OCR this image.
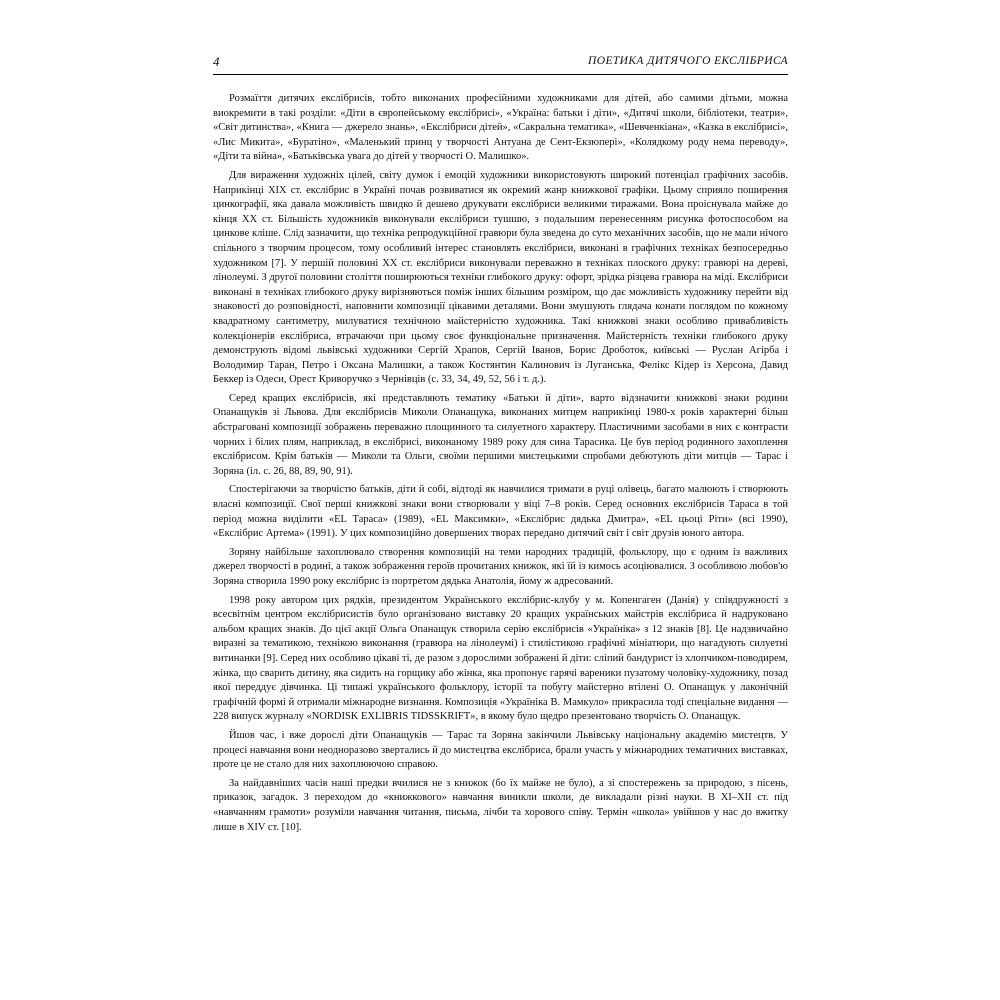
4	ПОЕТИКА ДИТЯЧОГО ЕКСЛІБРИСА

Розмаїття дитячих екслібрисів, тобто виконаних професійними художниками для дітей, або самими дітьми, можна виокремити в такі розділи: «Діти в європейському екслібрисі», «Україна: батьки і діти», «Дитячі школи, бібліотеки, театри», «Світ дитинства», «Книга — джерело знань», «Екслібриси дітей», «Сакральна тематика», «Шевченкіана», «Казка в екслібрисі», «Лис Микита», «Буратіно», «Маленький принц у творчості Антуана де Сент-Екзюпері», «Колядкому роду нема переводу», «Діти та війна», «Батьківська увага до дітей у творчості О. Малишко».

Для вираження художніх цілей, світу думок і емоцій художники використовують широкий потенціал графічних засобів. Наприкінці XIX ст. екслібрис в Україні почав розвиватися як окремий жанр книжкової графіки. Цьому сприяло поширення цинкографії, яка давала можливість швидко й дешево друкувати екслібриси великими тиражами. Вона проіснувала майже до кінця XX ст. Більшість художників виконували екслібриси тушшю, з подальшим перенесенням рисунка фотоспособом на цинкове кліше. Слід зазначити, що техніка репродукційної гравюри була зведена до суто механічних засобів, що не мали нічого спільного з творчим процесом, тому особливий інтерес становлять екслібриси, виконані в графічних техніках безпосередньо художником [7]. У першій половині XX ст. екслібриси виконували переважно в техніках плоского друку: гравюрі на дереві, лінолеумі. З другої половини століття поширюються техніки глибокого друку: офорт, зрідка різцева гравюра на міді. Екслібриси виконані в техніках глибокого друку вирізняються поміж інших більшим розміром, що дає можливість художнику перейти від знаковості до розповідності, наповнити композиції цікавими деталями. Вони змушують глядача конати поглядом по кожному квадратному сантиметру, милуватися технічною майстерністю художника. Такі книжкові знаки особливо привабливість колекціонерів екслібриса, втрачаючи при цьому своє функціональне призначення. Майстерність техніки глибокого друку демонструють відомі львівські художники Сергій Храпов, Сергій Іванов, Борис Дроботок, київські — Руслан Агірба і Володимир Таран, Петро і Оксана Малишки, а також Костянтин Калинович із Луганська, Фелікс Кідер із Херсона, Давид Беккер із Одеси, Орест Криворучко з Чернівців (с. 33, 34, 49, 52, 56 і т. д.).

Серед кращих екслібрисів, які представляють тематику «Батьки й діти», варто відзначити книжкові знаки родини Опанащуків зі Львова. Для екслібрисів Миколи Опанащука, виконаних митцем наприкінці 1980-х років характерні більш абстраговані композиції зображень переважно площинного та силуетного характеру. Пластичними засобами в них є контрасти чорних і білих плям, наприклад, в екслібрисі, виконаному 1989 року для сина Тарасика. Це був період родинного захоплення екслібрисом. Крім батьків — Миколи та Ольги, своїми першими мистецькими спробами дебютують діти митців — Тарас і Зоряна (іл. с. 26, 88, 89, 90, 91).

Спостерігаючи за творчістю батьків, діти й собі, відтоді як навчилися тримати в руці олівець, багато малюють і створюють власні композиції. Свої перші книжкові знаки вони створювали у віці 7–8 років. Серед основних екслібрисів Тараса в той період можна виділити «EL Тараса» (1989), «EL Максимки», «Екслібрис дядька Дмитра», «EL цьоці Ріти» (всі 1990), «Екслібрис Артема» (1991). У цих композиційно довершених творах передано дитячий світ і світ друзів юного автора.

Зоряну найбільше захоплювало створення композицій на теми народних традицій, фольклору, що є одним із важливих джерел творчості в родині, а також зображення героїв прочитаних книжок, які їй із кимось асоціювалися. З особливою любов'ю Зоряна створила 1990 року екслібрис із портретом дядька Анатолія, йому ж адресований.

1998 року автором цих рядків, президентом Українського екслібрис-клубу у м. Копенгаген (Данія) у співдружності з всесвітнім центром екслібрисистів було організовано виставку 20 кращих українських майстрів екслібриса й надруковано альбом кращих знаків. До цієї акції Ольга Опанащук створила серію екслібрисів «Україніка» з 12 знаків [8]. Це надзвичайно виразні за тематикою, технікою виконання (гравюра на лінолеумі) і стилістикою графічні мініатюри, що нагадують силуетні витинанки [9]. Серед них особливо цікаві ті, де разом з дорослими зображені й діти: сліпий бандурист із хлопчиком-поводирем, жінка, що сварить дитину, яка сидить на горщику або жінка, яка пропонує гарячі вареники пузатому чоловіку-художнику, позад якої переддує дівчинка. Ці типажі українського фольклору, історії та побуту майстерно втілені О. Опанащук у лаконічній графічній формі й отримали міжнародне визнання. Композиція «Україніка В. Мамкуло» прикрасила тоді спеціальне видання — 228 випуск журналу «NORDISK EXLIBRIS TIDSSKRIFT», в якому було щедро презентовано творчість О. Опанащук.

Йшов час, і вже дорослі діти Опанащуків — Тарас та Зоряна закінчили Львівську національну академію мистецтв. У процесі навчання вони неодноразово звертались й до мистецтва екслібриса, брали участь у міжнародних тематичних виставках, проте це не стало для них захоплюючою справою.

За найдавніших часів наші предки вчилися не з книжок (бо їх майже не було), а зі спостережень за природою, з пісень, приказок, загадок. З переходом до «книжкового» навчання виникли школи, де викладали різні науки. В XI–XII ст. під «навчанням грамоти» розуміли навчання читання, письма, лічби та хорового співу. Термін «школа» увійшов у нас до вжитку лише в XIV ст. [10].
